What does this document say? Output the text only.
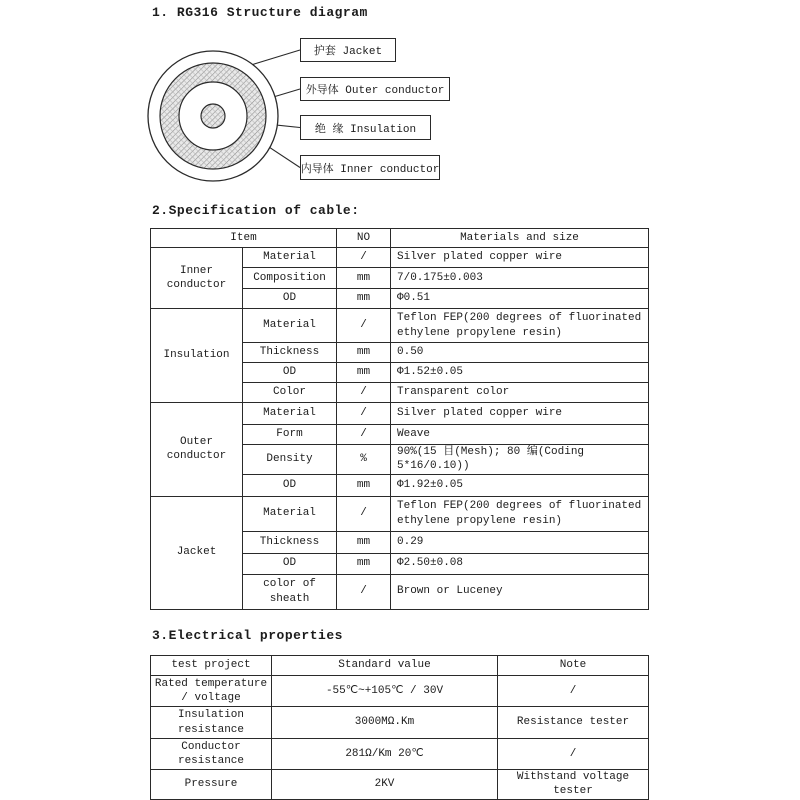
1. RG316 Structure diagram
护套 Jacket
外导体 Outer conductor
绝 缘 Insulation
内导体 Inner conductor
2.Specification of cable:
Item		NO	Materials and size
Inner conductor	Material	/	Silver plated copper wire
	Composition	mm	7/0.175±0.003
	OD	mm	Φ0.51
Insulation	Material	/	Teflon FEP(200 degrees of fluorinated ethylene propylene resin)
	Thickness	mm	0.50
	OD	mm	Φ1.52±0.05
	Color	/	Transparent color
Outer conductor	Material	/	Silver plated copper wire
	Form	/	Weave
	Density	%	90%(15 目(Mesh); 80 编(Coding 5*16/0.10))
	OD	mm	Φ1.92±0.05
Jacket	Material	/	Teflon FEP(200 degrees of fluorinated ethylene propylene resin)
	Thickness	mm	0.29
	OD	mm	Φ2.50±0.08
	color of sheath	/	Brown or Luceney
3.Electrical properties
test project	Standard value	Note
Rated temperature / voltage	-55℃~+105℃ / 30V	/
Insulation resistance	3000MΩ.Km	Resistance tester
Conductor resistance	281Ω/Km 20℃	/
Pressure	2KV	Withstand voltage tester
